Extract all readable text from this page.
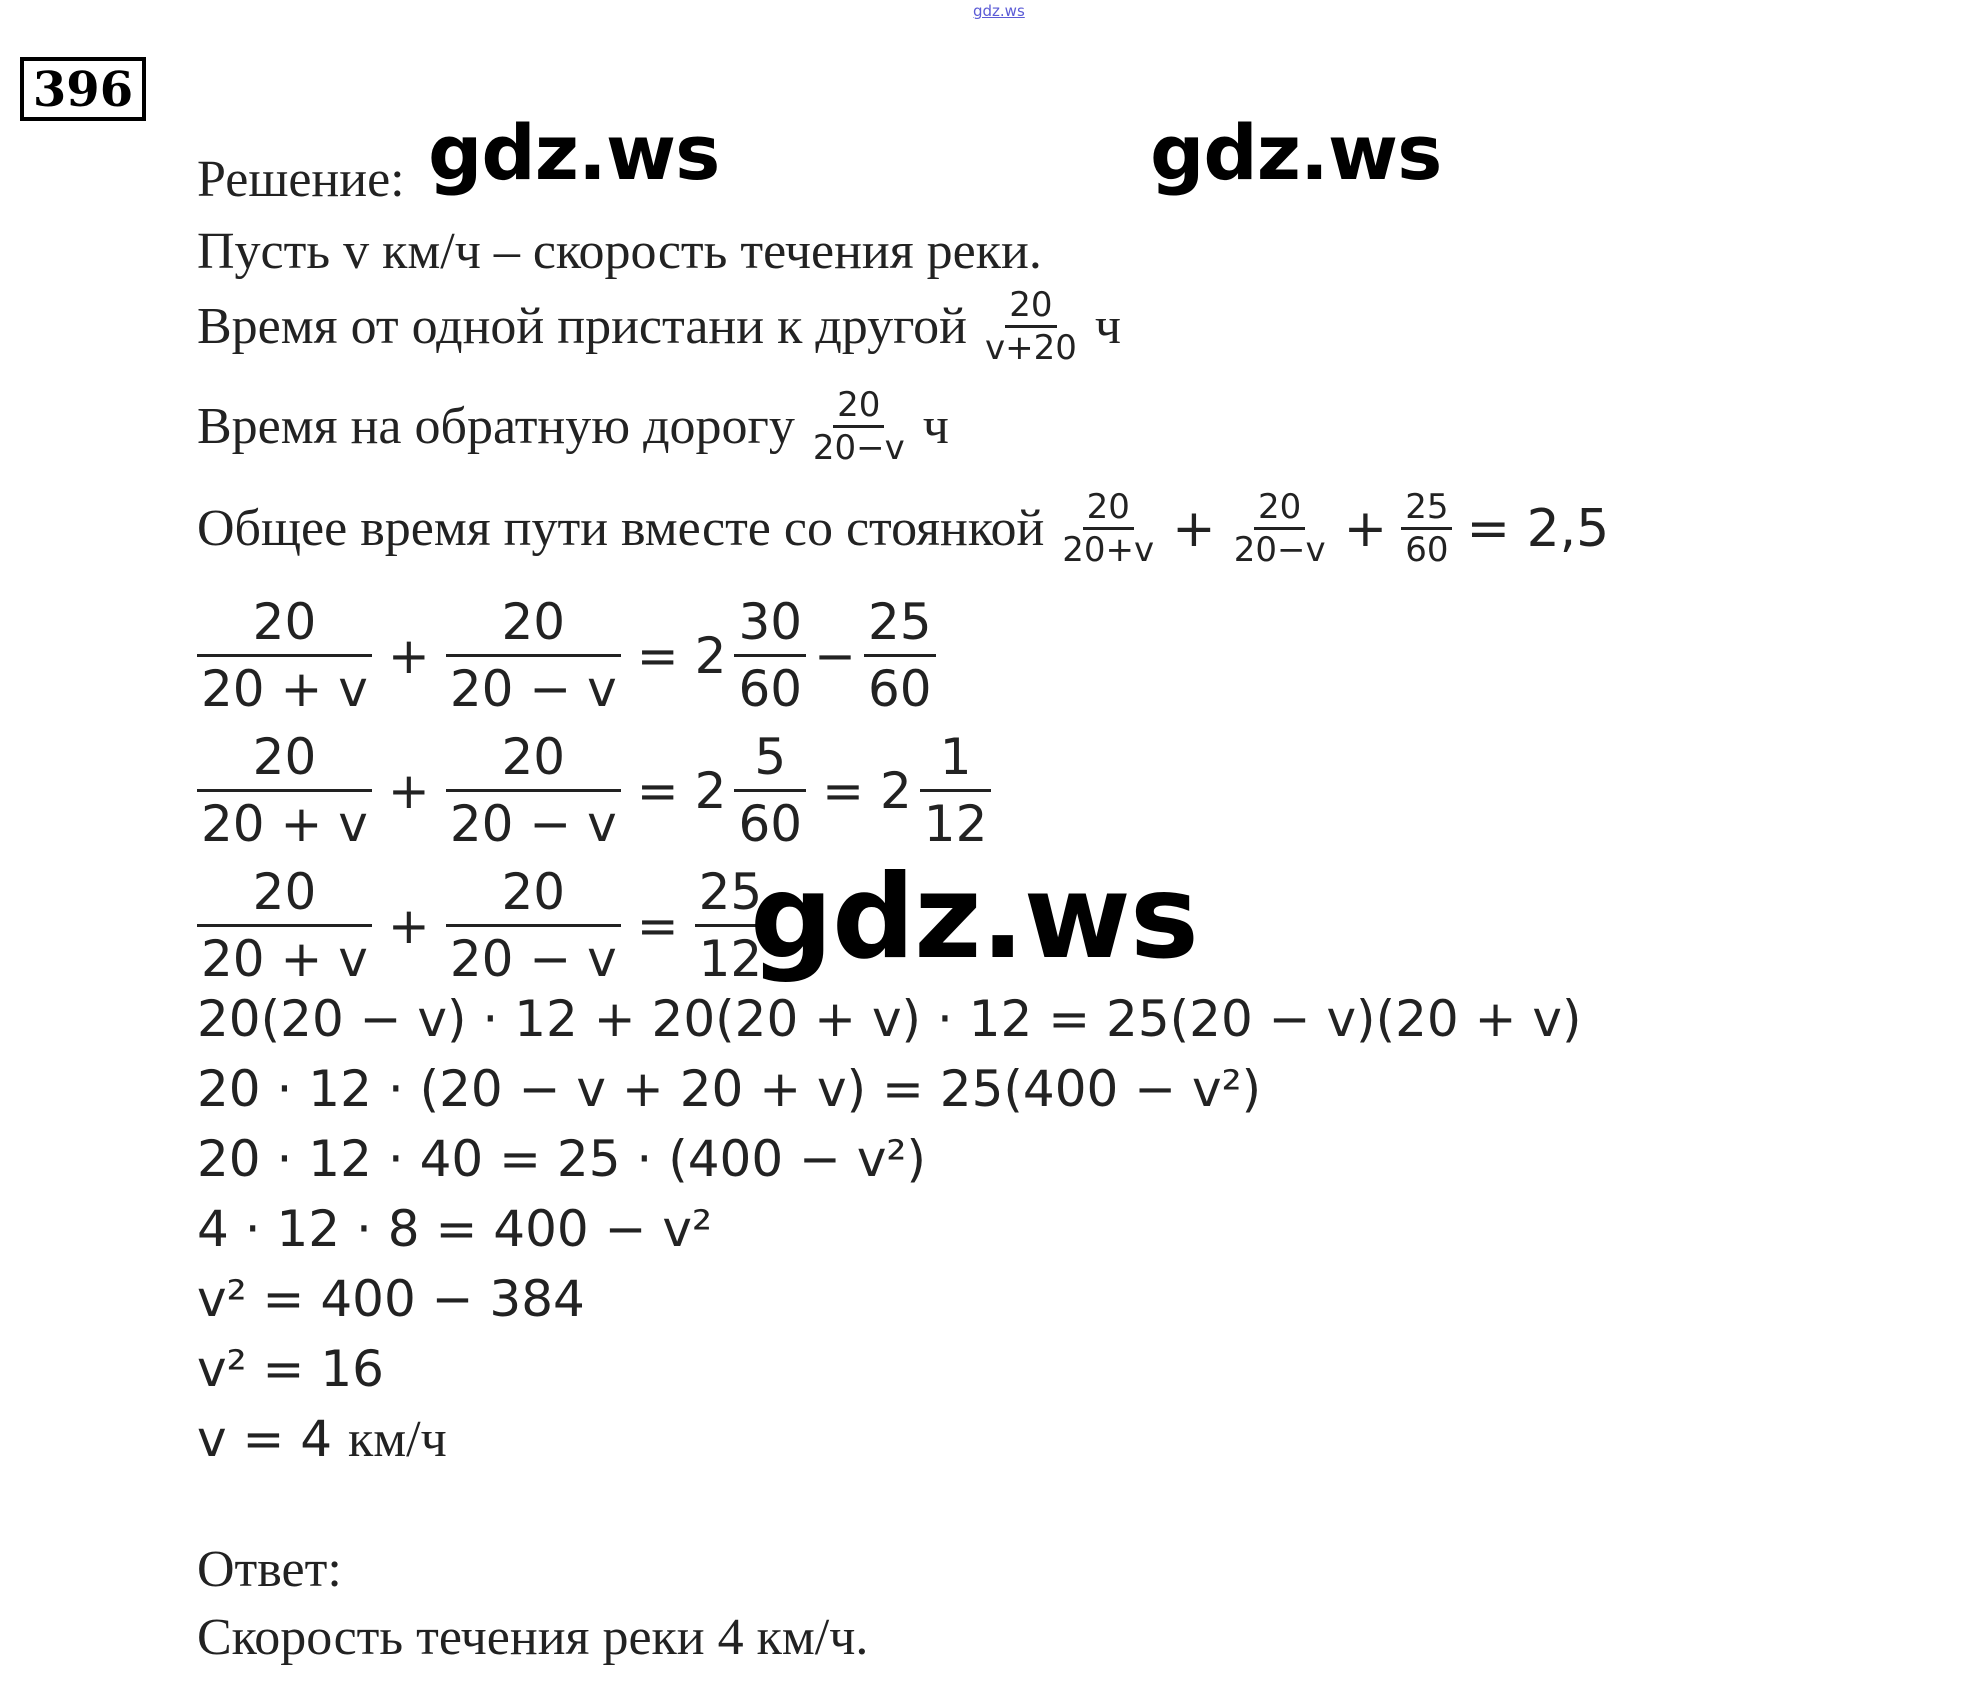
gdz.ws
396
gdz.ws	gdz.ws
Решение:
Пусть v км/ч – скорость течения реки.
Время от одной пристани к другой $\frac{20}{v+20}$ ч
Время на обратную дорогу $\frac{20}{20-v}$ ч
Общее время пути вместе со стоянкой $\frac{20}{20+v} + \frac{20}{20-v} + \frac{25}{60} = 2,5$
$\frac{20}{20 + v} + \frac{20}{20 - v} = 2 \frac{30}{60} - \frac{25}{60}$
$\frac{20}{20 + v} + \frac{20}{20 - v} = 2 \frac{5}{60} = 2 \frac{1}{12}$
$\frac{20}{20 + v} + \frac{20}{20 - v} = \frac{25}{12}$
20(20 − v) · 12 + 20(20 + v) · 12 = 25(20 − v)(20 + v)
20 · 12 · (20 − v + 20 + v) = 25(400 − v²)
20 · 12 · 40 = 25 · (400 − v²)
4 · 12 · 8 = 400 − v²
v² = 400 − 384
v² = 16
v = 4 км/ч
Ответ:
Скорость течения реки 4 км/ч.
gdz.ws
